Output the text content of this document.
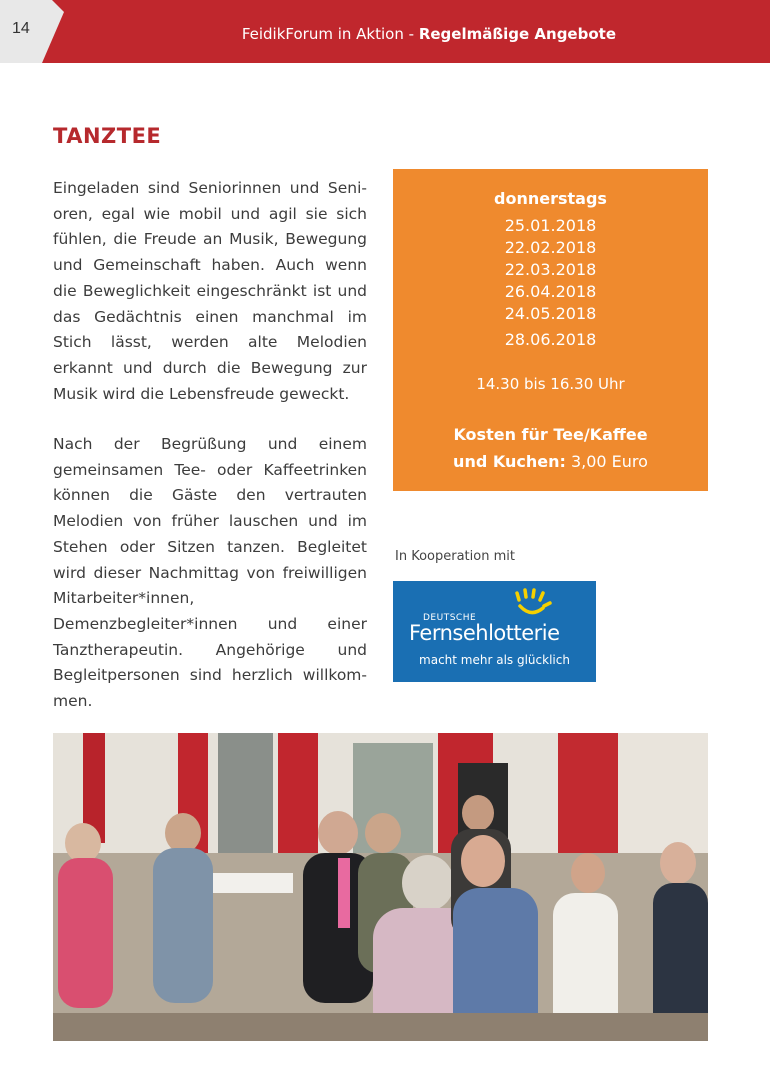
14	FeidikForum in Aktion - Regelmäßige Angebote
TANZTEE
Eingeladen sind Seniorinnen und Senioren, egal wie mobil und agil sie sich fühlen, die Freude an Musik, Bewegung und Gemeinschaft haben. Auch wenn die Beweglichkeit eingeschränkt ist und das Gedächtnis einen manchmal im Stich lässt, werden alte Melodien erkannt und durch die Bewegung zur Musik wird die Lebensfreude geweckt.
Nach der Begrüßung und einem gemeinsamen Tee- oder Kaffeetrinken können die Gäste den vertrauten Melodien von früher lauschen und im Stehen oder Sitzen tanzen. Begleitet wird dieser Nachmittag von freiwilligen Mitarbeiter*innen, Demenzbegleiter*innen und einer Tanztherapeutin. Angehörige und Begleitpersonen sind herzlich willkommen.
donnerstags
25.01.2018
22.02.2018
22.03.2018
26.04.2018
24.05.2018
28.06.2018
14.30 bis 16.30 Uhr
Kosten für Tee/Kaffee
und Kuchen: 3,00 Euro
In Kooperation mit
DEUTSCHE
Fernsehlotterie
macht mehr als glücklich
